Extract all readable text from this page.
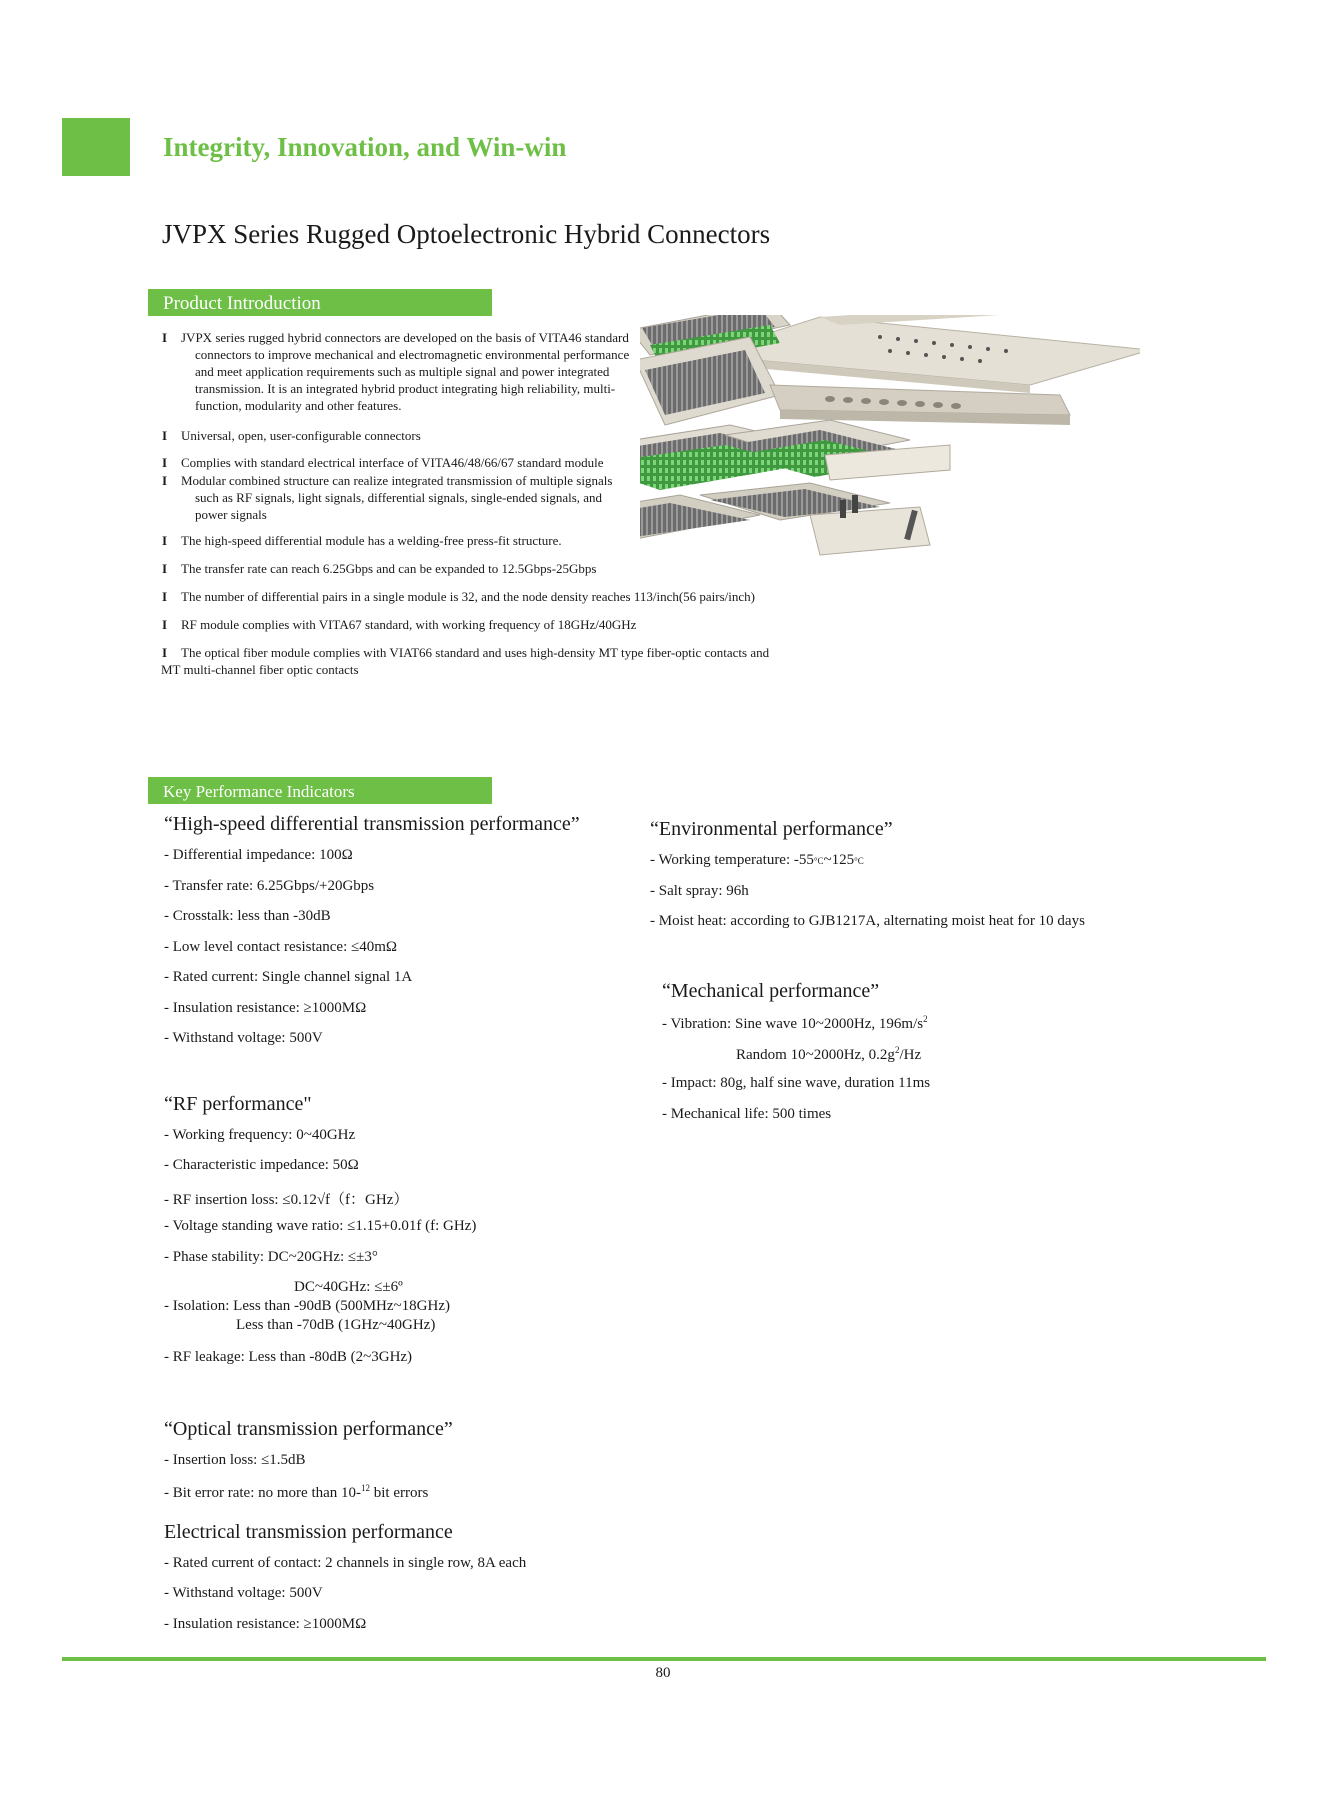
Integrity, Innovation, and Win-win
JVPX Series Rugged Optoelectronic Hybrid Connectors
Product Introduction
I	JVPX series rugged hybrid connectors are developed on the basis of VITA46 standard
connectors to improve mechanical and electromagnetic environmental performance
and meet application requirements such as multiple signal and power integrated
transmission. It is an integrated hybrid product integrating high reliability, multi-
function, modularity and other features.
I	Universal, open, user-configurable connectors
I	Complies with standard electrical interface of VITA46/48/66/67 standard module
I	Modular combined structure can realize integrated transmission of multiple signals
such as RF signals, light signals, differential signals, single-ended signals, and
power signals
I	The high-speed differential module has a welding-free press-fit structure.
I	The transfer rate can reach 6.25Gbps and can be expanded to 12.5Gbps-25Gbps
I	The number of differential pairs in a single module is 32, and the node density reaches 113/inch(56 pairs/inch)
I	RF module complies with VITA67 standard, with working frequency of 18GHz/40GHz
I	The optical fiber module complies with VIAT66 standard and uses high-density MT type fiber-optic contacts and
MT multi-channel fiber optic contacts
Key Performance Indicators
“High-speed differential transmission performance”
- Differential impedance: 100Ω
- Transfer rate: 6.25Gbps/+20Gbps
- Crosstalk: less than -30dB
- Low level contact resistance: ≤40mΩ
- Rated current: Single channel signal 1A
- Insulation resistance: ≥1000MΩ
- Withstand voltage: 500V
“RF performance"
- Working frequency: 0~40GHz
- Characteristic impedance: 50Ω
- RF insertion loss: ≤0.12√f（f：GHz）
- Voltage standing wave ratio: ≤1.15+0.01f (f: GHz)
- Phase stability: DC~20GHz: ≤±3°
DC~40GHz: ≤±6º
- Isolation: Less than -90dB (500MHz~18GHz)
Less than -70dB (1GHz~40GHz)
- RF leakage: Less than -80dB (2~3GHz)
“Optical transmission performance”
- Insertion loss: ≤1.5dB
- Bit error rate: no more than 10-$^{12}$ bit errors
Electrical transmission performance
- Rated current of contact: 2 channels in single row, 8A each
- Withstand voltage: 500V
- Insulation resistance: ≥1000MΩ
“Environmental performance”
- Working temperature: -55°C~125°C
- Salt spray: 96h
- Moist heat: according to GJB1217A, alternating moist heat for 10 days
“Mechanical performance”
- Vibration: Sine wave 10~2000Hz, $196m/s^2$
Random 10~2000Hz, $0.2g^2/Hz$
- Impact: 80g, half sine wave, duration 11ms
- Mechanical life: 500 times
80
